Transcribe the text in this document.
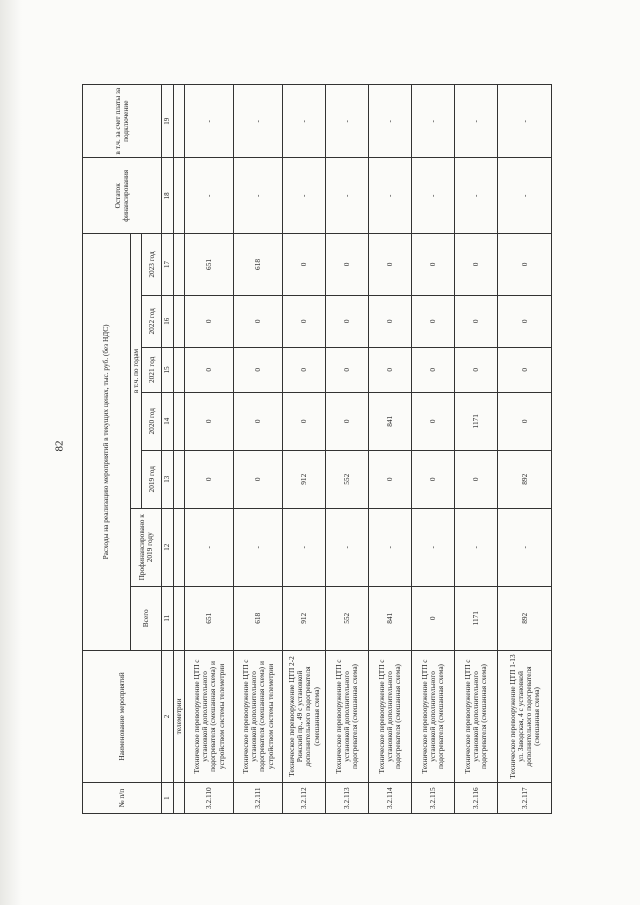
82
№ п/п	Наименование мероприятий	Расходы на реализацию мероприятий в текущих ценах, тыс. руб. (без НДС)							Остаток финансирования	в т.ч. за счет платы за подключение
		Всего	Профинансировано к 2019 году	в т.ч. по годам						
				2019 год	2020 год	2021 год	2022 год	2023 год		
1	2	11	12	13	14	15	16	17	18	19
	телеметрии									
3.2.110	Техническое перевооружение ЦТП с установкой дополнительного подогревателя (смешанная схема) и устройством системы телеметрии	651	-	0	0	0	0	651	-	-
3.2.111	Техническое перевооружение ЦТП с установкой дополнительного подогревателя (смешанная схема) и устройством системы телеметрии	618	-	0	0	0	0	618	-	-
3.2.112	Техническое перевооружение ЦТП 2-2 Рижский пр., 49 с установкой дополнительного подогревателя (смешанная схема)	912	-	912	0	0	0	0	-	-
3.2.113	Техническое перевооружение ЦТП с установкой дополнительного подогревателя (смешанная схема)	552	-	552	0	0	0	0	-	-
3.2.114	Техническое перевооружение ЦТП с установкой дополнительного подогревателя (смешанная схема)	841	-	0	841	0	0	0	-	-
3.2.115	Техническое перевооружение ЦТП с установкой дополнительного подогревателя (смешанная схема)	0	-	0	0	0	0	0	-	-
3.2.116	Техническое перевооружение ЦТП с установкой дополнительного подогревателя (смешанная схема)	1171	-	0	1171	0	0	0	-	-
3.2.117	Техническое перевооружение ЦТП 1-13 ул. Заводская, 4 с установкой дополнительного подогревателя (смешанная схема)	892	-	892	0	0	0	0	-	-
